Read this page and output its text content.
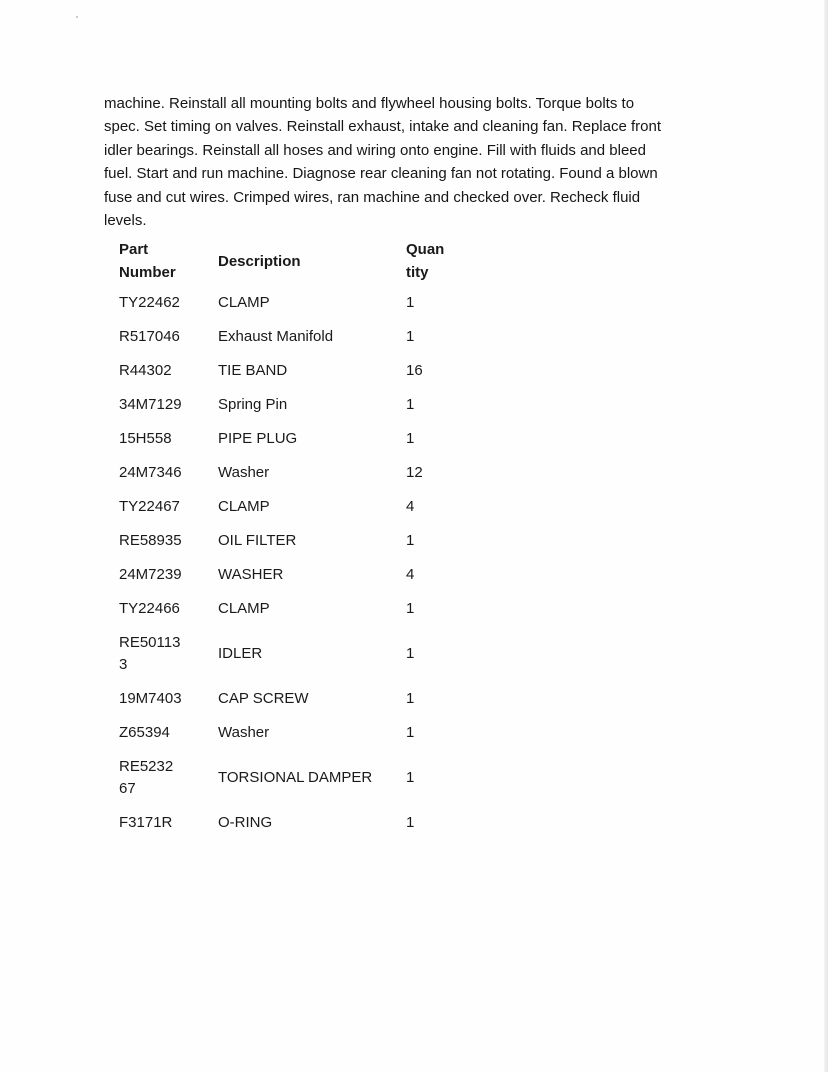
machine. Reinstall all mounting bolts and flywheel housing bolts. Torque bolts to
spec. Set timing on valves. Reinstall exhaust, intake and cleaning fan. Replace front
idler bearings. Reinstall all hoses and wiring onto engine. Fill with fluids and bleed
fuel. Start and run machine. Diagnose rear cleaning fan not rotating. Found a blown
fuse and cut wires. Crimped wires, ran machine and checked over. Recheck fluid
levels.
Part
Number	Description	Quan
tity

TY22462	CLAMP	1
R517046	Exhaust Manifold	1
R44302	TIE BAND	16
34M7129	Spring Pin	1
15H558	PIPE PLUG	1
24M7346	Washer	12
TY22467	CLAMP	4
RE58935	OIL FILTER	1
24M7239	WASHER	4
TY22466	CLAMP	1

RE501133	IDLER	1
19M7403	CAP SCREW	1
Z65394	Washer	1

RE523267	TORSIONAL DAMPER	1
F3171R	O-RING	1
